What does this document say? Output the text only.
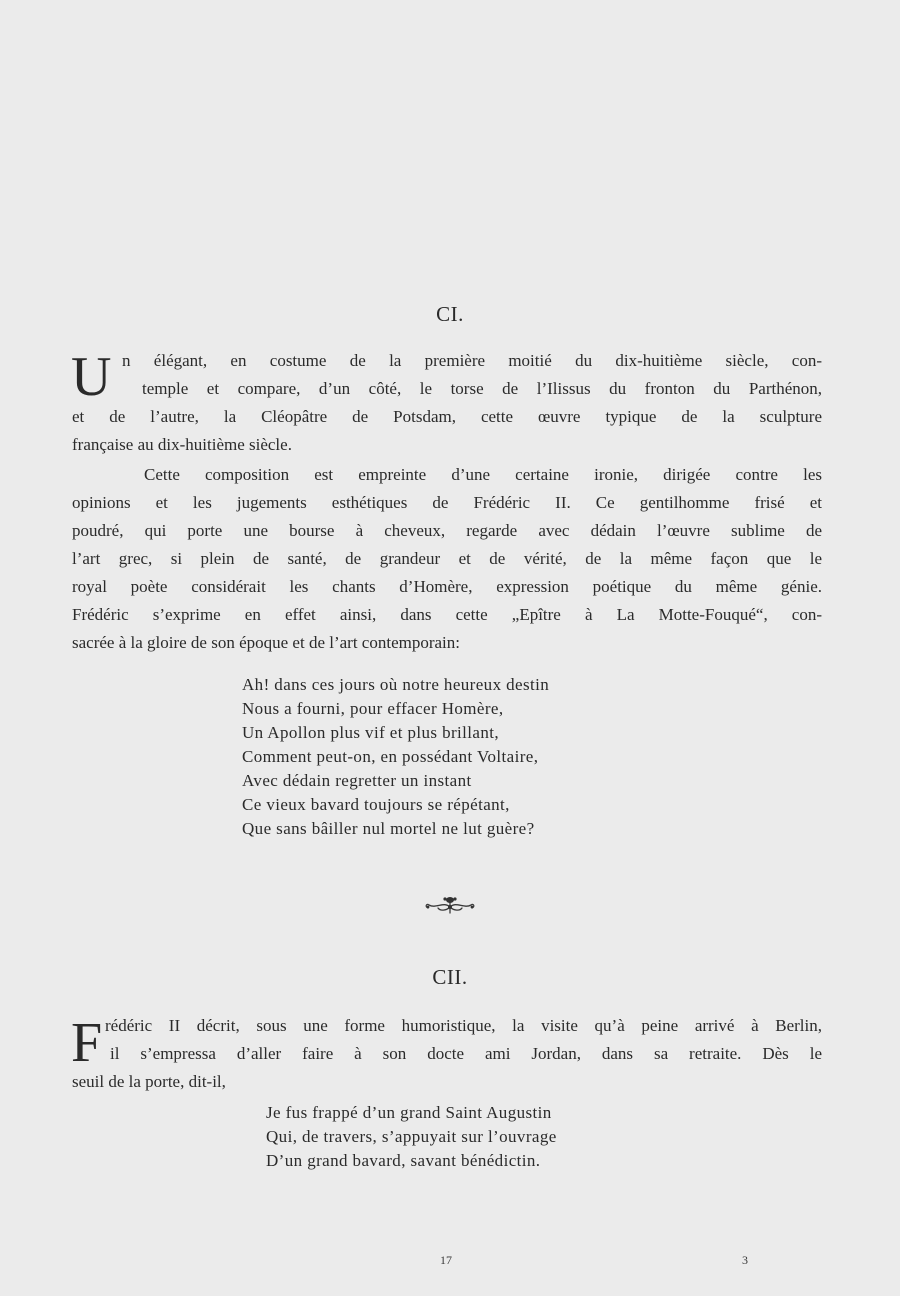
CI.
U n élégant, en costume de la première moitié du dix-huitième siècle, con-
temple et compare, d’un côté, le torse de l’Ilissus du fronton du Parthénon,
et de l’autre, la Cléopâtre de Potsdam, cette œuvre typique de la sculpture
française au dix-huitième siècle.
Cette composition est empreinte d’une certaine ironie, dirigée contre les
opinions et les jugements esthétiques de Frédéric II. Ce gentilhomme frisé et
poudré, qui porte une bourse à cheveux, regarde avec dédain l’œuvre sublime de
l’art grec, si plein de santé, de grandeur et de vérité, de la même façon que le
royal poète considérait les chants d’Homère, expression poétique du même génie.
Frédéric s’exprime en effet ainsi, dans cette „Epître à La Motte-Fouqué“, con-
sacrée à la gloire de son époque et de l’art contemporain:
Ah! dans ces jours où notre heureux destin
Nous a fourni, pour effacer Homère,
Un Apollon plus vif et plus brillant,
Comment peut-on, en possédant Voltaire,
Avec dédain regretter un instant
Ce vieux bavard toujours se répétant,
Que sans bâiller nul mortel ne lut guère?
CII.
F rédéric II décrit, sous une forme humoristique, la visite qu’à peine arrivé à Berlin,
il s’empressa d’aller faire à son docte ami Jordan, dans sa retraite. Dès le
seuil de la porte, dit-il,
Je fus frappé d’un grand Saint Augustin
Qui, de travers, s’appuyait sur l’ouvrage
D’un grand bavard, savant bénédictin.
17	3
